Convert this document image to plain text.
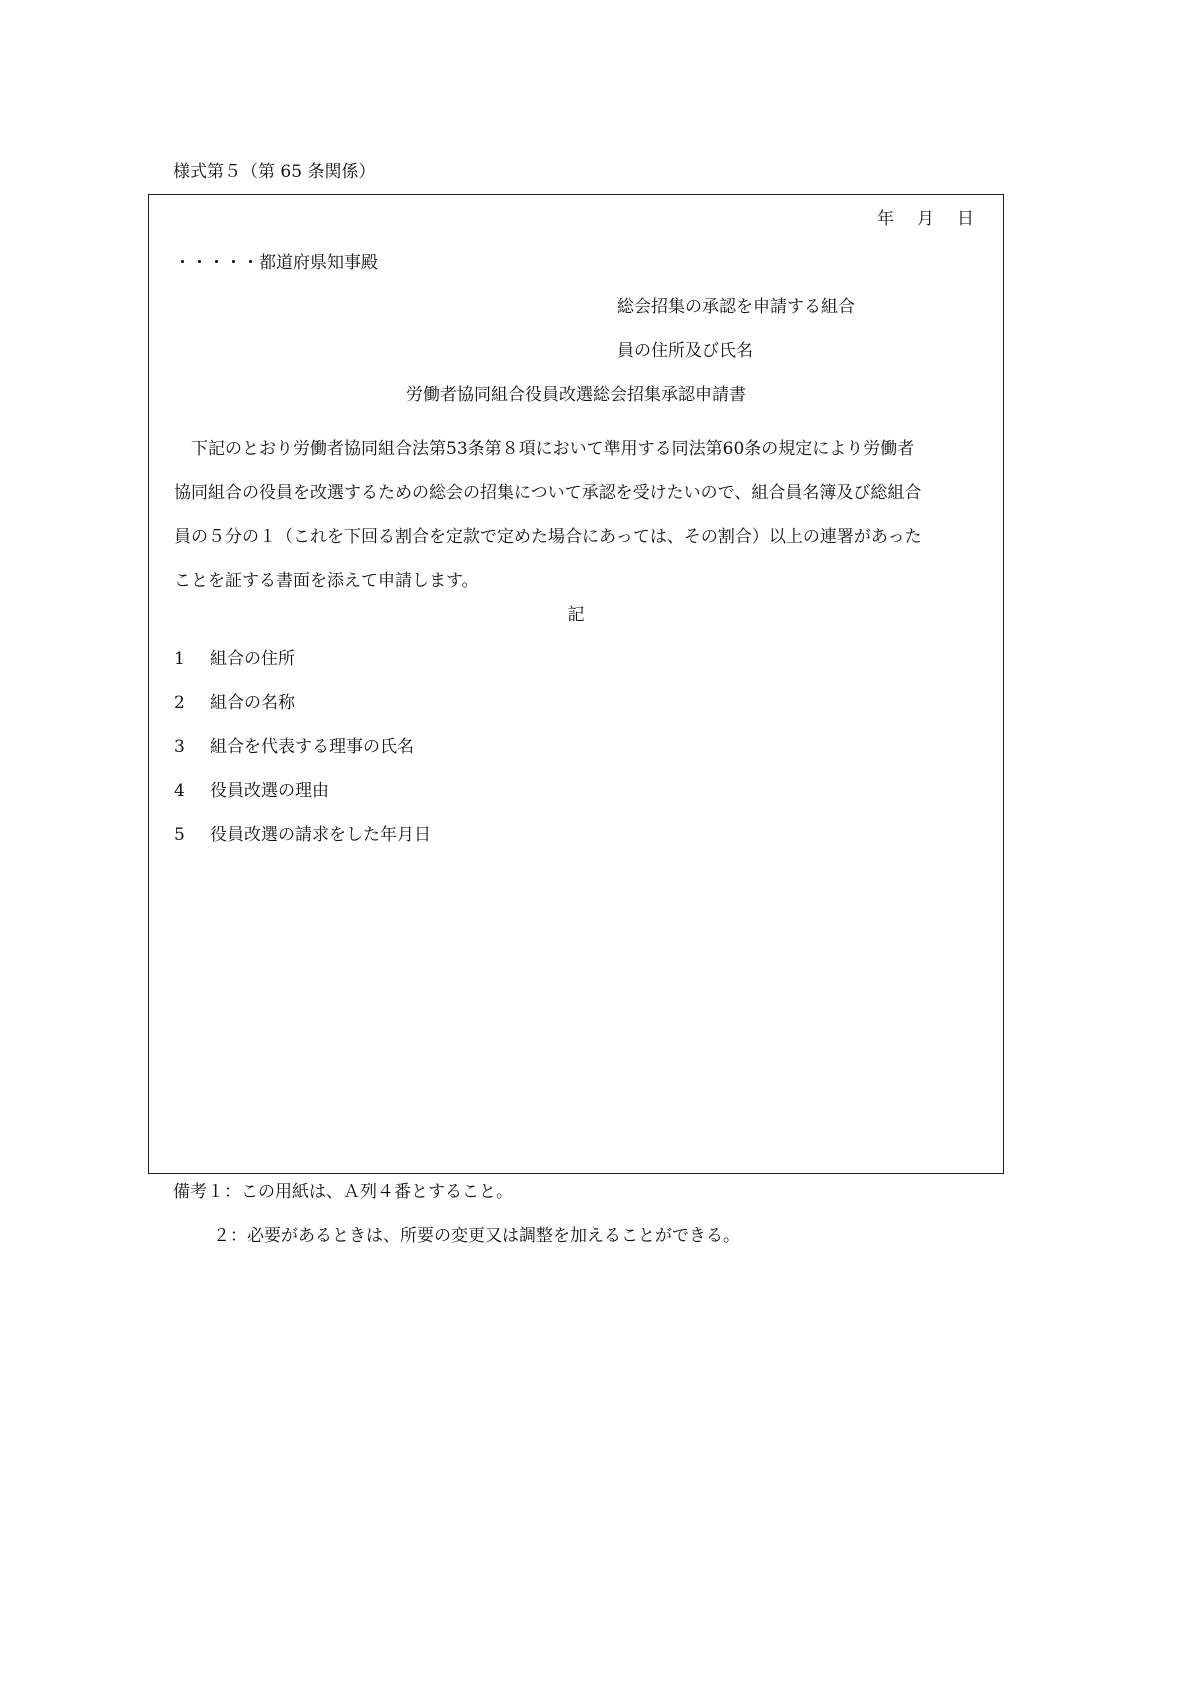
様式第５（第 65 条関係）
年 月 日
・・・・・都道府県知事殿
総会招集の承認を申請する組合
員の住所及び氏名
労働者協同組合役員改選総会招集承認申請書
　下記のとおり労働者協同組合法第53条第８項において準用する同法第60条の規定により労働者
協同組合の役員を改選するための総会の招集について承認を受けたいので、組合員名簿及び総組合
員の５分の１（これを下回る割合を定款で定めた場合にあっては、その割合）以上の連署があった
ことを証する書面を添えて申請します。
記
1 組合の住所
2 組合の名称
3 組合を代表する理事の氏名
4 役員改選の理由
5 役員改選の請求をした年月日
備考１：この用紙は、Ａ列４番とすること。
２：必要があるときは、所要の変更又は調整を加えることができる。
